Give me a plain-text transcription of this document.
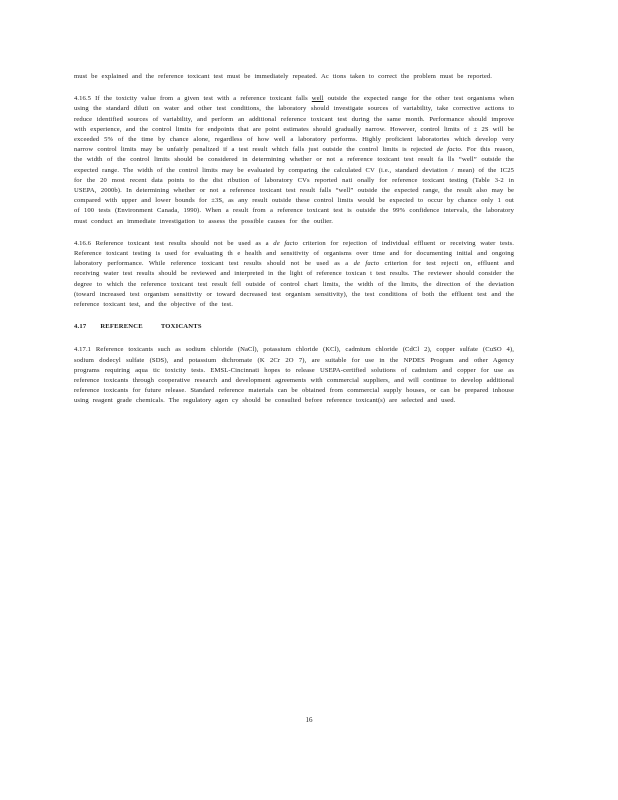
must be explained and the reference toxicant test must be immediately repeated. Ac tions taken to correct the problem must be reported.

4.16.5 If the toxicity value from a given test with a reference toxicant falls well outside the expected range for the other test organisms when using the standard diluti on water and other test conditions, the laboratory should investigate sources of variability, take corrective actions to reduce identified sources of variability, and perform an additional reference toxicant test during the same month. Performance should improve with experience, and the control limits for endpoints that are point estimates should gradually narrow. However, control limits of ± 2S will be exceeded 5% of the time by chance alone, regardless of how well a laboratory performs. Highly proficient laboratories which develop very narrow control limits may be unfairly penalized if a test result which falls just outside the control limits is rejected de facto. For this reason, the width of the control limits should be considered in determining whether or not a reference toxicant test result fa lls “well” outside the expected range. The width of the control limits may be evaluated by comparing the calculated CV (i.e., standard deviation / mean) of the IC25 for the 20 most recent data points to the dist ribution of laboratory CVs reported nati onally for reference toxicant testing (Table 3-2 in USEPA, 2000b). In determining whether or not a reference toxicant test result falls “well” outside the expected range, the result also may be compared with upper and lower bounds for ±3S, as any result outside these control limits would be expected to occur by chance only 1 out of 100 tests (Environment Canada, 1990). When a result from a reference toxicant test is outside the 99% confidence intervals, the laboratory must conduct an immediate investigation to assess the possible causes for the outlier.

4.16.6 Reference toxicant test results should not be used as a de facto criterion for rejection of individual effluent or receiving water tests. Reference toxicant testing is used for evaluating th e health and sensitivity of organisms over time and for documenting initial and ongoing laboratory performance. While reference toxicant test results should not be used as a de facto criterion for test rejecti on, effluent and receiving water test results should be reviewed and interpreted in the light of reference toxican t test results. The reviewer should consider the degree to which the reference toxicant test result fell outside of control chart limits, the width of the limits, the direction of the deviation (toward increased test organism sensitivity or toward decreased test organism sensitivity), the test conditions of both the effluent test and the reference toxicant test, and the objective of the test.

4.17 REFERENCE	TOXICANTS

4.17.1 Reference toxicants such as sodium chloride (NaCl), potassium chloride (KCl), cadmium chloride (CdCl 2), copper sulfate (CuSO 4), sodium dodecyl sulfate (SDS), and potassium dichromate (K 2Cr 2O 7), are suitable for use in the NPDES Program and other Agency programs requiring aqua tic toxicity tests. EMSL-Cincinnati hopes to release USEPA-certified solutions of cadmium and copper for use as reference toxicants through cooperative research and development agreements with commercial suppliers, and will continue to develop additional reference toxicants for future release. Standard reference materials can be obtained from commercial supply houses, or can be prepared inhouse using reagent grade chemicals. The regulatory agen cy should be consulted before reference toxicant(s) are selected and used.

16
